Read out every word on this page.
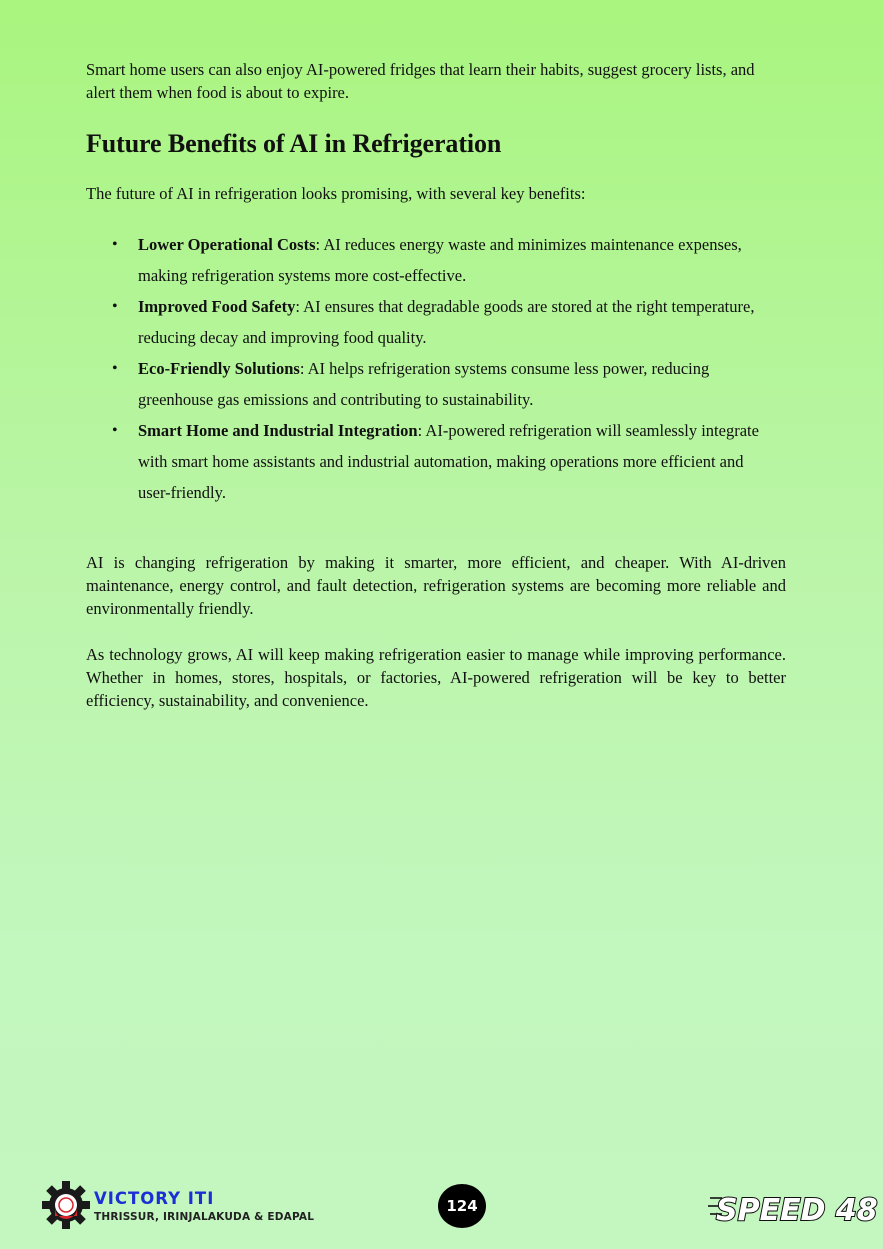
Smart home users can also enjoy AI-powered fridges that learn their habits, suggest grocery lists, and alert them when food is about to expire.

Future Benefits of AI in Refrigeration

The future of AI in refrigeration looks promising, with several key benefits:

• Lower Operational Costs: AI reduces energy waste and minimizes maintenance expenses, making refrigeration systems more cost-effective.
• Improved Food Safety: AI ensures that degradable goods are stored at the right temperature, reducing decay and improving food quality.
• Eco-Friendly Solutions: AI helps refrigeration systems consume less power, reducing greenhouse gas emissions and contributing to sustainability.
• Smart Home and Industrial Integration: AI-powered refrigeration will seamlessly integrate with smart home assistants and industrial automation, making operations more efficient and user-friendly.

AI is changing refrigeration by making it smarter, more efficient, and cheaper. With AI-driven maintenance, energy control, and fault detection, refrigeration systems are becoming more reliable and environmentally friendly.

As technology grows, AI will keep making refrigeration easier to manage while improving performance. Whether in homes, stores, hospitals, or factories, AI-powered refrigeration will be key to better efficiency, sustainability, and convenience.

VICTORY ITI
THRISSUR, IRINJALAKUDA & EDAPAL
124	SPEED 48
